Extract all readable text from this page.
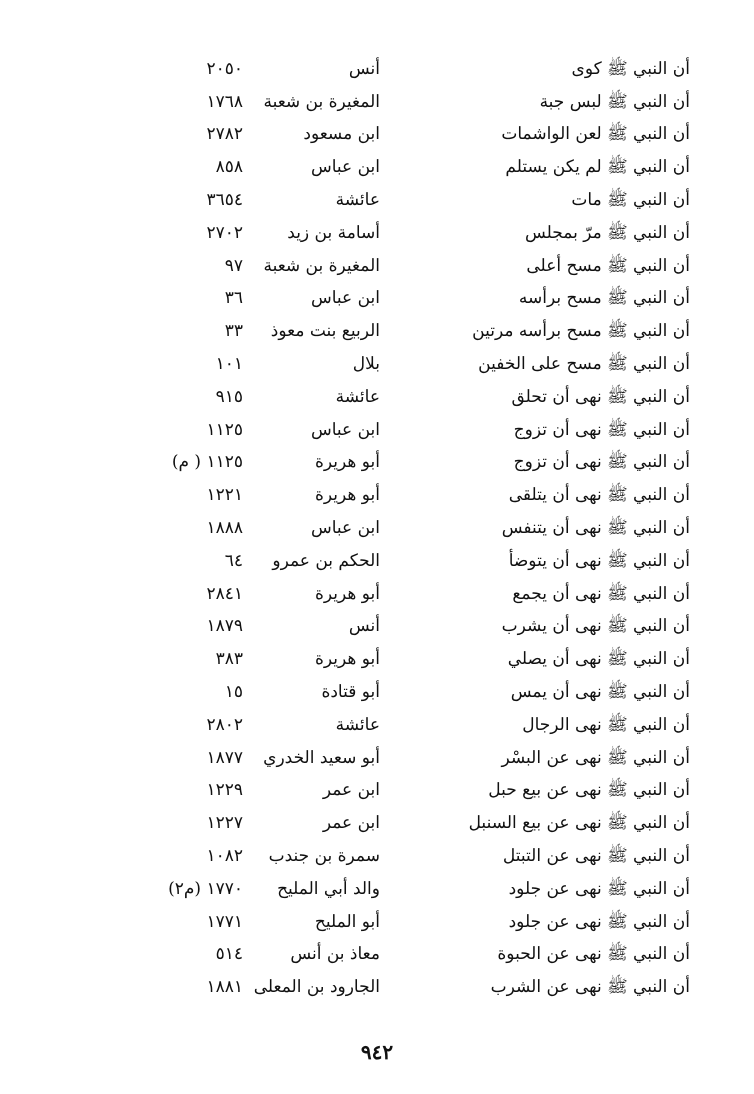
أن النبي ﷺ كوى
أنس
٢٠٥٠
أن النبي ﷺ لبس جبة
المغيرة بن شعبة
١٧٦٨
أن النبي ﷺ لعن الواشمات
ابن مسعود
٢٧٨٢
أن النبي ﷺ لم يكن يستلم
ابن عباس
٨٥٨
أن النبي ﷺ مات
عائشة
٣٦٥٤
أن النبي ﷺ مرّ بمجلس
أسامة بن زيد
٢٧٠٢
أن النبي ﷺ مسح أعلى
المغيرة بن شعبة
٩٧
أن النبي ﷺ مسح برأسه
ابن عباس
٣٦
أن النبي ﷺ مسح برأسه مرتين
الربيع بنت معوذ
٣٣
أن النبي ﷺ مسح على الخفين
بلال
١٠١
أن النبي ﷺ نهى أن تحلق
عائشة
٩١٥
أن النبي ﷺ نهى أن تزوج
ابن عباس
١١٢٥
أن النبي ﷺ نهى أن تزوج
أبو هريرة
١١٢٥ ( م)
أن النبي ﷺ نهى أن يتلقى
أبو هريرة
١٢٢١
أن النبي ﷺ نهى أن يتنفس
ابن عباس
١٨٨٨
أن النبي ﷺ نهى أن يتوضأ
الحكم بن عمرو
٦٤
أن النبي ﷺ نهى أن يجمع
أبو هريرة
٢٨٤١
أن النبي ﷺ نهى أن يشرب
أنس
١٨٧٩
أن النبي ﷺ نهى أن يصلي
أبو هريرة
٣٨٣
أن النبي ﷺ نهى أن يمس
أبو قتادة
١٥
أن النبي ﷺ نهى الرجال
عائشة
٢٨٠٢
أن النبي ﷺ نهى عن البسْر
أبو سعيد الخدري
١٨٧٧
أن النبي ﷺ نهى عن بيع حبل
ابن عمر
١٢٢٩
أن النبي ﷺ نهى عن بيع السنبل
ابن عمر
١٢٢٧
أن النبي ﷺ نهى عن التبتل
سمرة بن جندب
١٠٨٢
أن النبي ﷺ نهى عن جلود
والد أبي المليح
١٧٧٠ (م٢)
أن النبي ﷺ نهى عن جلود
أبو المليح
١٧٧١
أن النبي ﷺ نهى عن الحبوة
معاذ بن أنس
٥١٤
أن النبي ﷺ نهى عن الشرب
الجارود بن المعلى
١٨٨١
٩٤٢
